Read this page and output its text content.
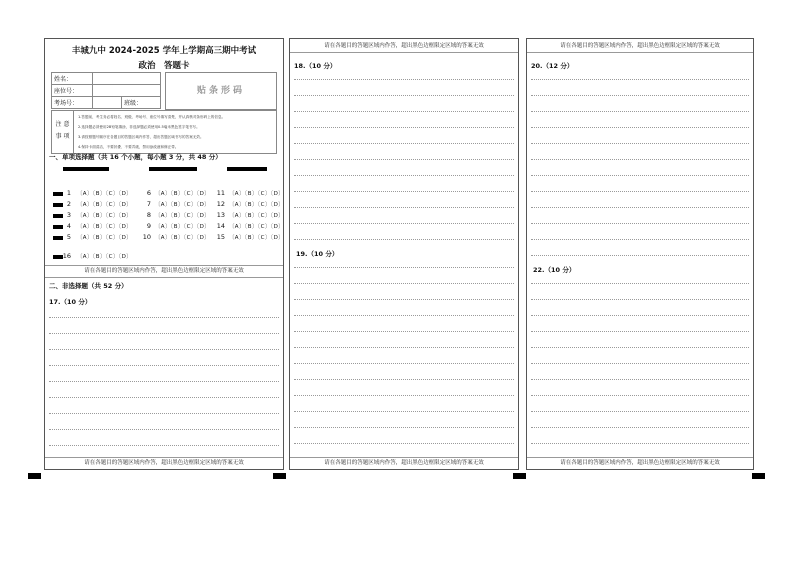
丰城九中 2024-2025 学年上学期高三期中考试
政治　答题卡
姓名：		
座位号：		
考场号：		班级：
贴条形码
注 意 事 项
1.答题前，考生务必将姓名、班级、考场号、座位号填写清楚，并认真核对条形码上的信息。
2.选择题必须使用2B铅笔填涂，非选择题必须使用0.5毫米黑色签字笔书写。
3.请按照题号顺序在各题目的答题区域内作答，超出答题区域书写的答案无效。
4.保持卡面清洁，不要折叠、不要弄破，禁用涂改液和修正带。
一、单项选择题（共 16 个小题，每小题 3 分，共 48 分）
1 〔A〕〔B〕〔C〕〔D〕
2 〔A〕〔B〕〔C〕〔D〕
3 〔A〕〔B〕〔C〕〔D〕
4 〔A〕〔B〕〔C〕〔D〕
5 〔A〕〔B〕〔C〕〔D〕
16 〔A〕〔B〕〔C〕〔D〕
6 〔A〕〔B〕〔C〕〔D〕
7 〔A〕〔B〕〔C〕〔D〕
8 〔A〕〔B〕〔C〕〔D〕
9 〔A〕〔B〕〔C〕〔D〕
10 〔A〕〔B〕〔C〕〔D〕
11 〔A〕〔B〕〔C〕〔D〕
12 〔A〕〔B〕〔C〕〔D〕
13 〔A〕〔B〕〔C〕〔D〕
14 〔A〕〔B〕〔C〕〔D〕
15 〔A〕〔B〕〔C〕〔D〕
请在各题目的答题区域内作答，超出黑色边框限定区域的答案无效
二、非选择题（共 52 分）
17.（10 分）
请在各题目的答题区域内作答，超出黑色边框限定区域的答案无效
请在各题目的答题区域内作答，超出黑色边框限定区域的答案无效
18.（10 分）
19.（10 分）
请在各题目的答题区域内作答，超出黑色边框限定区域的答案无效
请在各题目的答题区域内作答，超出黑色边框限定区域的答案无效
20.（12 分）
22.（10 分）
请在各题目的答题区域内作答，超出黑色边框限定区域的答案无效
